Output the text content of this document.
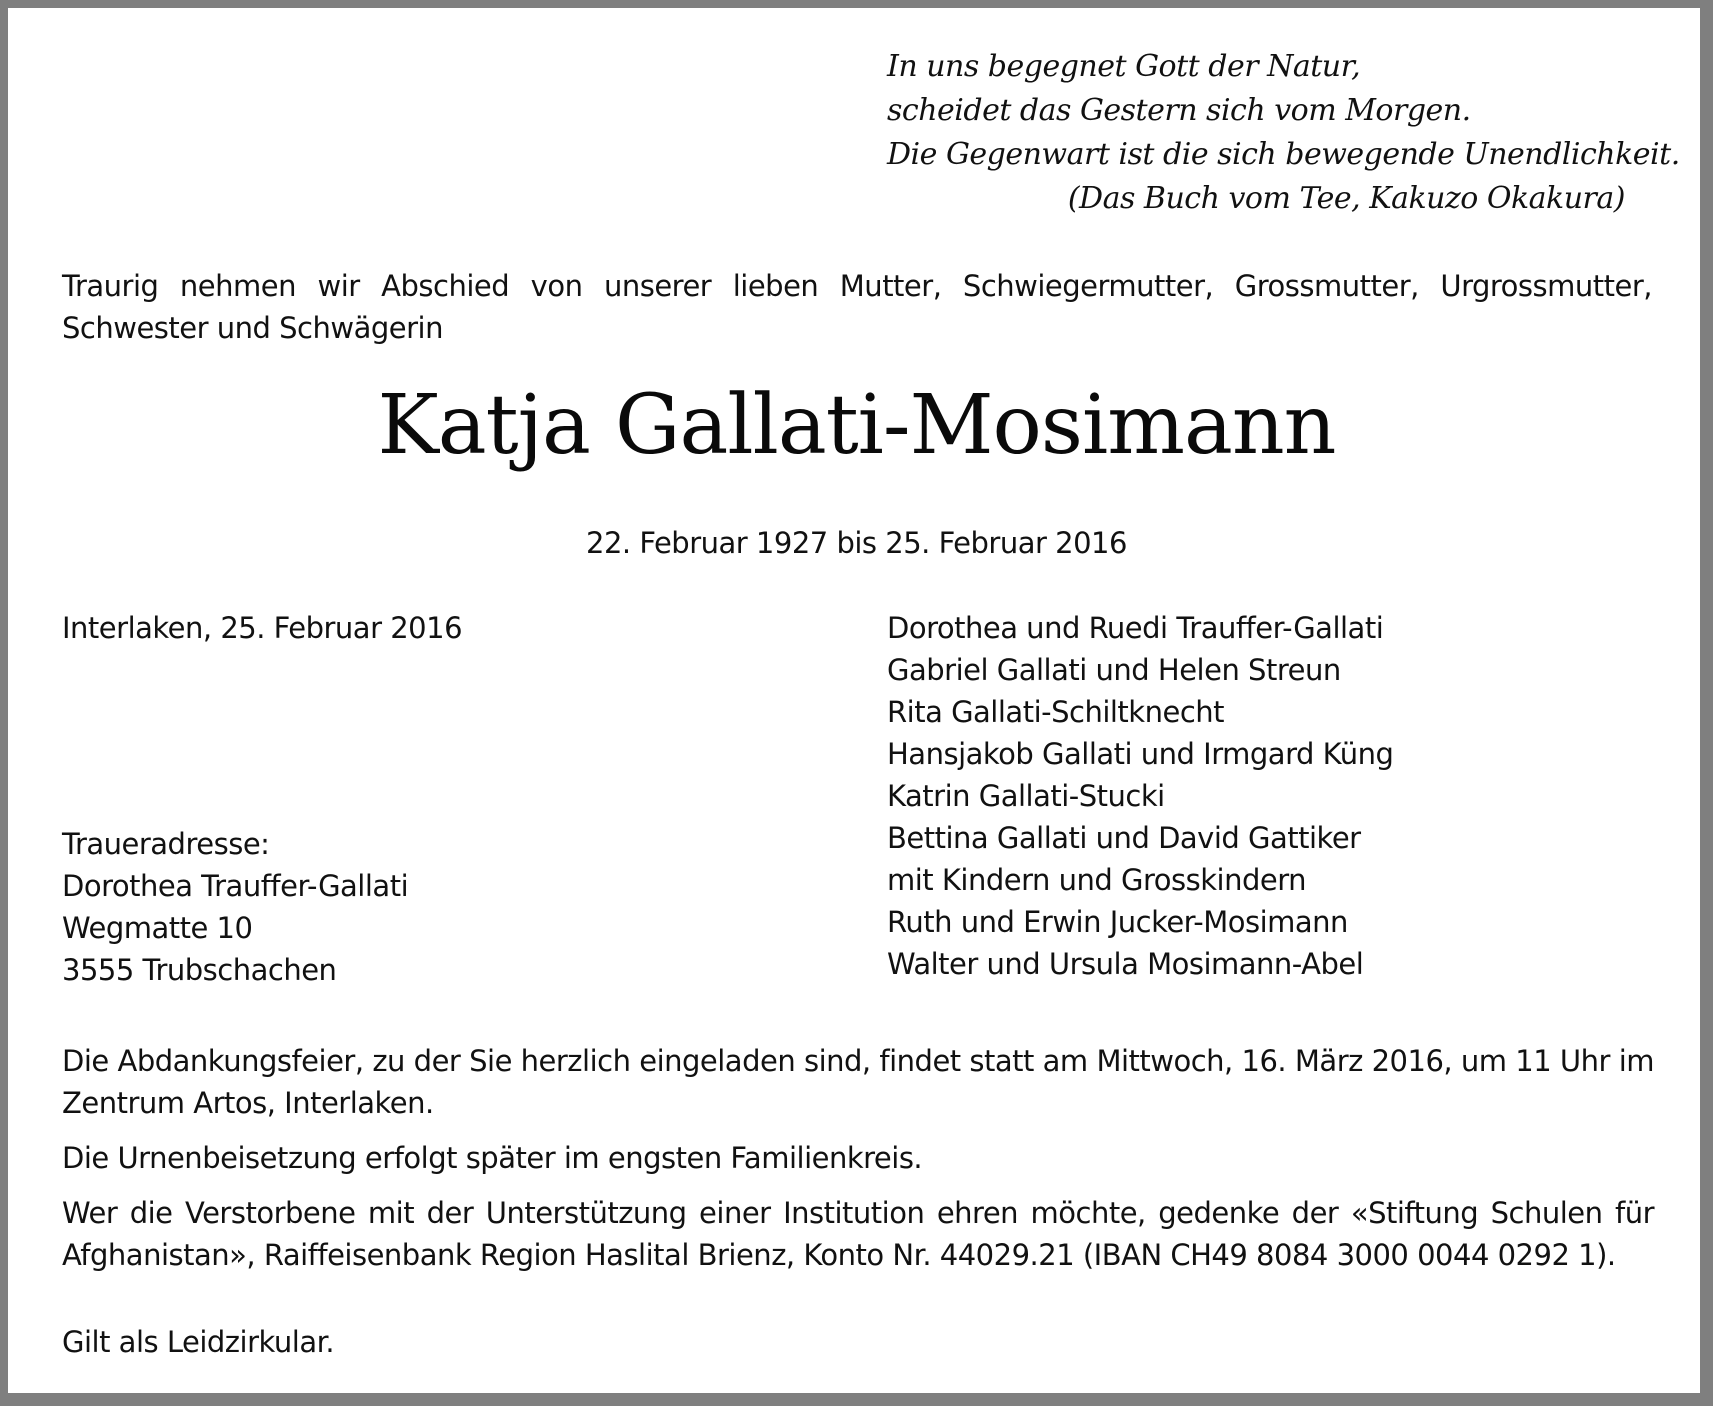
In uns begegnet Gott der Natur,
scheidet das Gestern sich vom Morgen.
Die Gegenwart ist die sich bewegende Unendlichkeit.
(Das Buch vom Tee, Kakuzo Okakura)
Traurig nehmen wir Abschied von unserer lieben Mutter, Schwiegermutter, Grossmutter, Urgrossmutter, Schwester und Schwägerin
Katja Gallati-Mosimann
22. Februar 1927 bis 25. Februar 2016
Interlaken, 25. Februar 2016
Traueradresse:
Dorothea Trauffer-Gallati
Wegmatte 10
3555 Trubschachen
Dorothea und Ruedi Trauffer-Gallati
Gabriel Gallati und Helen Streun
Rita Gallati-Schiltknecht
Hansjakob Gallati und Irmgard Küng
Katrin Gallati-Stucki
Bettina Gallati und David Gattiker
mit Kindern und Grosskindern
Ruth und Erwin Jucker-Mosimann
Walter und Ursula Mosimann-Abel
Die Abdankungsfeier, zu der Sie herzlich eingeladen sind, findet statt am Mittwoch, 16. März 2016, um 11 Uhr im Zentrum Artos, Interlaken.
Die Urnenbeisetzung erfolgt später im engsten Familienkreis.
Wer die Verstorbene mit der Unterstützung einer Institution ehren möchte, gedenke der «Stiftung Schulen für Afghanistan», Raiffeisenbank Region Haslital Brienz, Konto Nr. 44029.21 (IBAN CH49 8084 3000 0044 0292 1).
Gilt als Leidzirkular.
